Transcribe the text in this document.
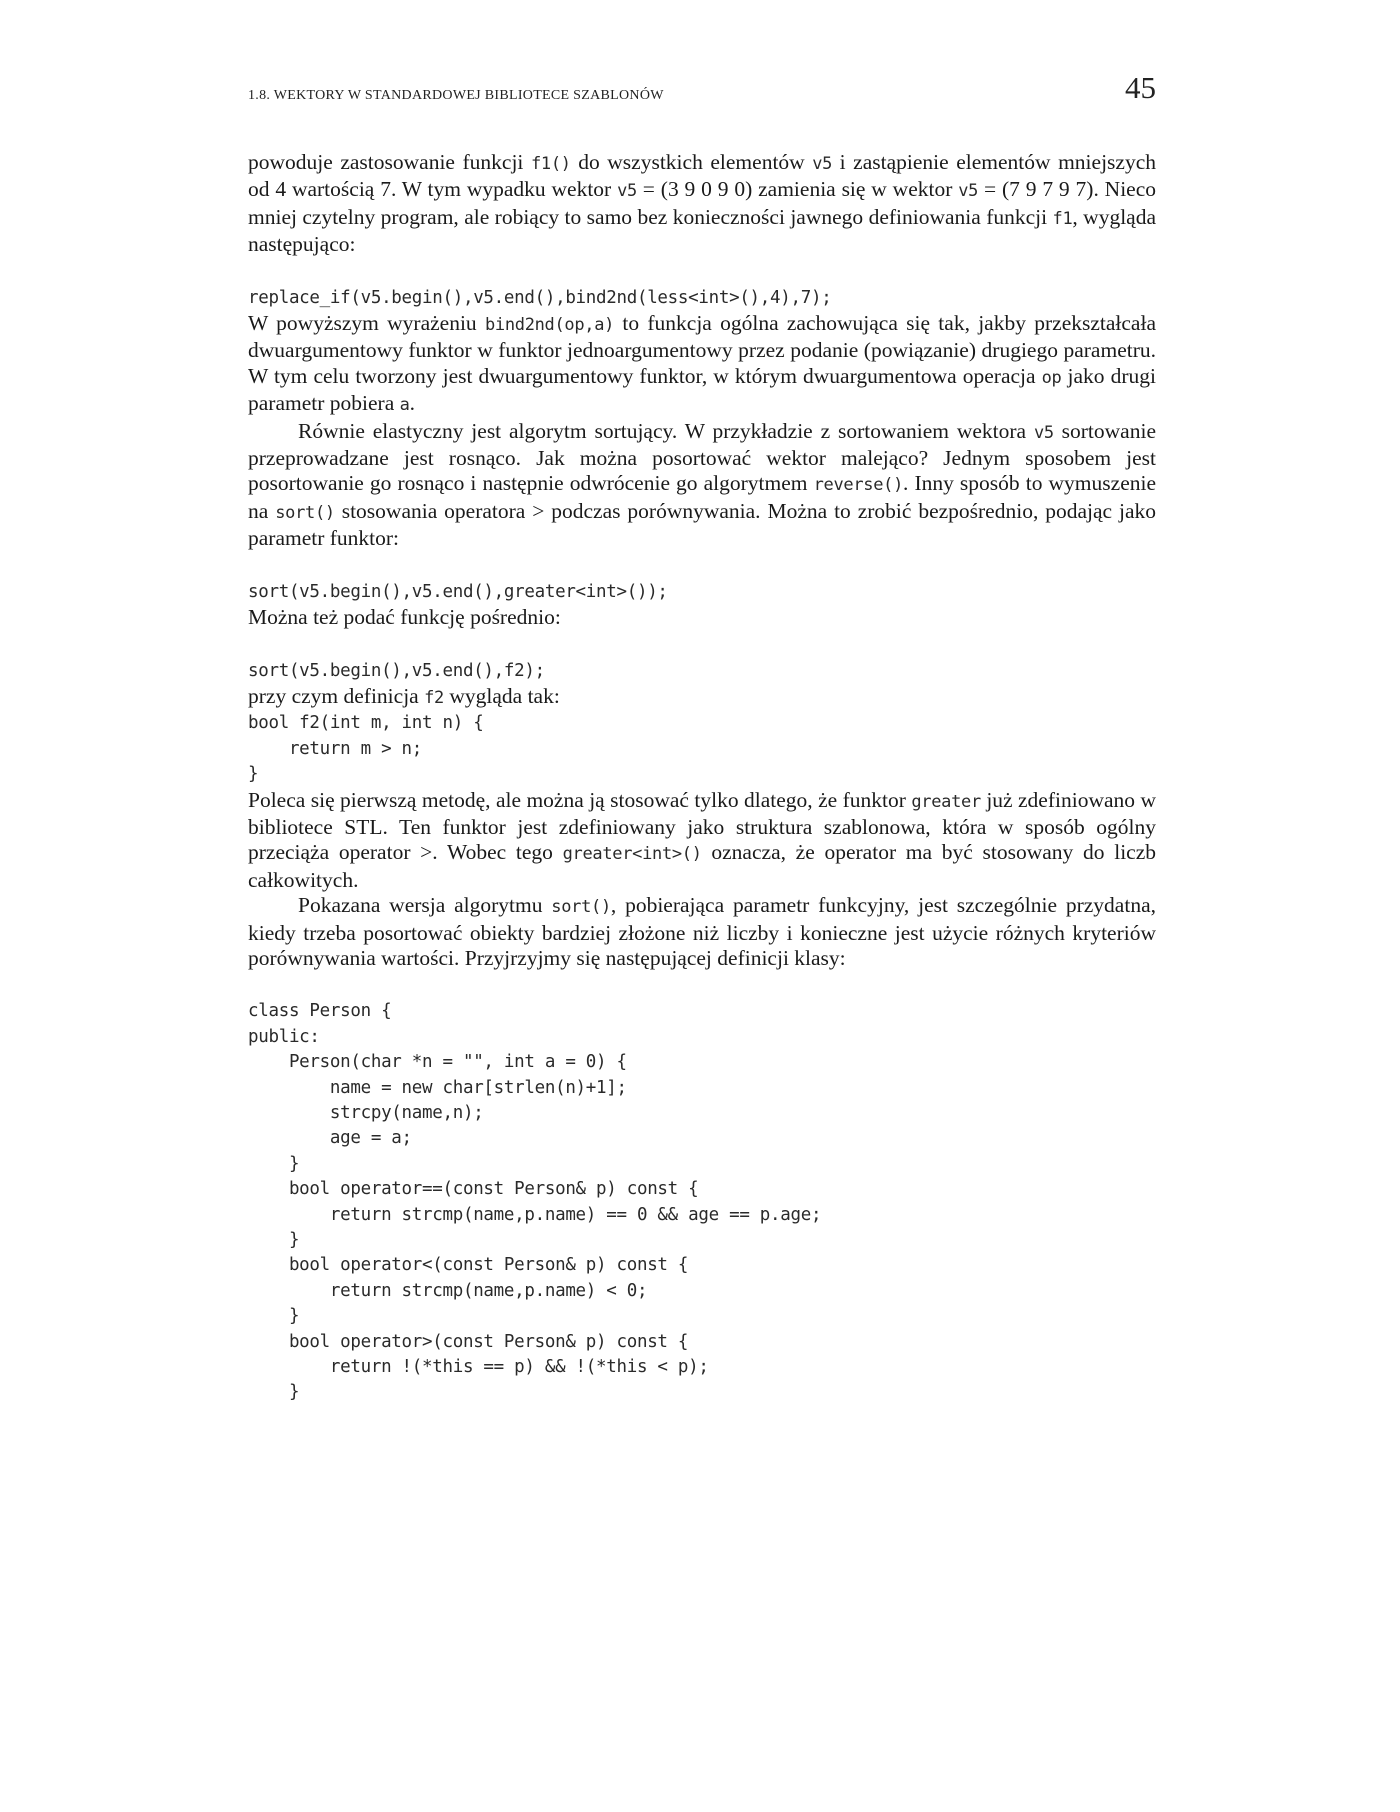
1.8. WEKTORY W STANDARDOWEJ BIBLIOTECE SZABLONÓW	45

powoduje zastosowanie funkcji f1() do wszystkich elementów v5 i zastąpienie elementów mniejszych od 4 wartością 7. W tym wypadku wektor v5 = (3 9 0 9 0) zamienia się w wektor v5 = (7 9 7 9 7). Nieco mniej czytelny program, ale robiący to samo bez konieczności jawnego definiowania funkcji f1, wygląda następująco:

replace_if(v5.begin(),v5.end(),bind2nd(less<int>(),4),7);

W powyższym wyrażeniu bind2nd(op,a) to funkcja ogólna zachowująca się tak, jakby przekształcała dwuargumentowy funktor w funktor jednoargumentowy przez podanie (powiązanie) drugiego parametru. W tym celu tworzony jest dwuargumentowy funktor, w którym dwuargumentowa operacja op jako drugi parametr pobiera a.

Równie elastyczny jest algorytm sortujący. W przykładzie z sortowaniem wektora v5 sortowanie przeprowadzane jest rosnąco. Jak można posortować wektor malejąco? Jednym sposobem jest posortowanie go rosnąco i następnie odwrócenie go algorytmem reverse(). Inny sposób to wymuszenie na sort() stosowania operatora > podczas porównywania. Można to zrobić bezpośrednio, podając jako parametr funktor:

sort(v5.begin(),v5.end(),greater<int>());

Można też podać funkcję pośrednio:

sort(v5.begin(),v5.end(),f2);

przy czym definicja f2 wygląda tak:

bool f2(int m, int n) {
return m > n;
}

Poleca się pierwszą metodę, ale można ją stosować tylko dlatego, że funktor greater już zdefiniowano w bibliotece STL. Ten funktor jest zdefiniowany jako struktura szablonowa, która w sposób ogólny przeciąża operator >. Wobec tego greater<int>() oznacza, że operator ma być stosowany do liczb całkowitych.

Pokazana wersja algorytmu sort(), pobierająca parametr funkcyjny, jest szczególnie przydatna, kiedy trzeba posortować obiekty bardziej złożone niż liczby i konieczne jest użycie różnych kryteriów porównywania wartości. Przyjrzyjmy się następującej definicji klasy:

class Person {
public:
Person(char *n = "", int a = 0) {
name = new char[strlen(n)+1];
strcpy(name,n);
age = a;
}
bool operator==(const Person& p) const {
return strcmp(name,p.name) == 0 && age == p.age;
}
bool operator<(const Person& p) const {
return strcmp(name,p.name) < 0;
}
bool operator>(const Person& p) const {
return !(*this == p) && !(*this < p);
}
